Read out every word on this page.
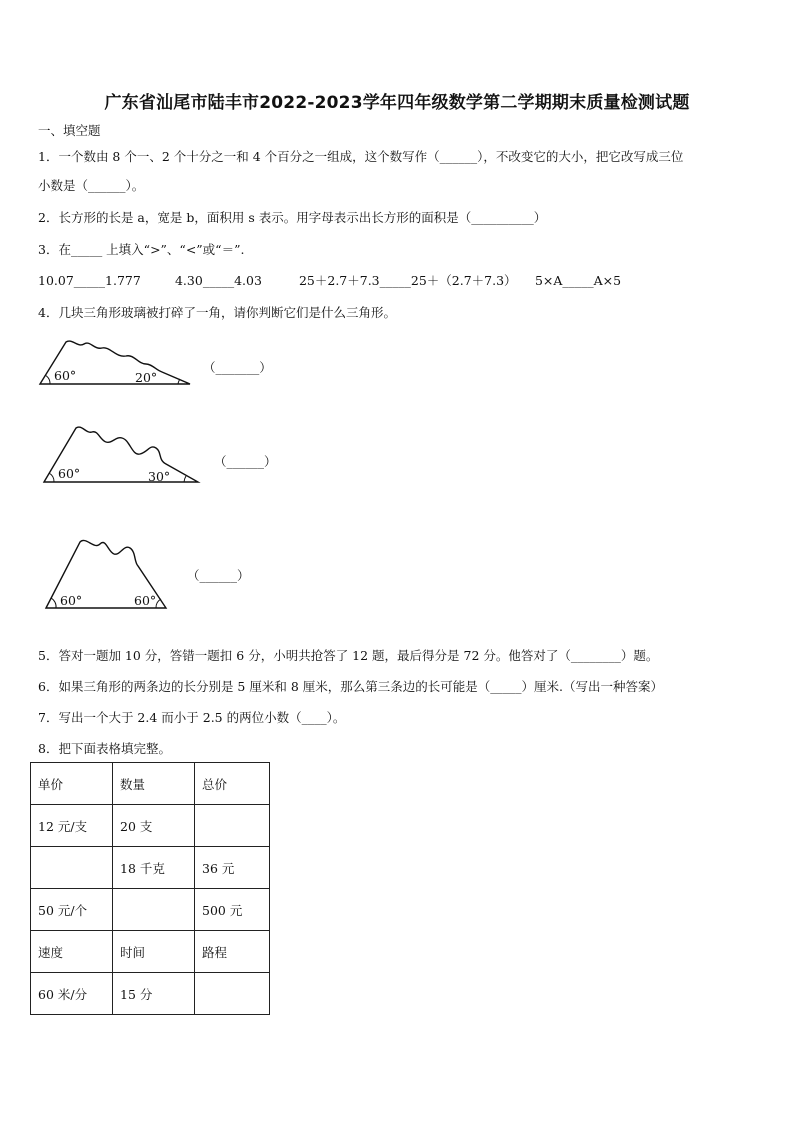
广东省汕尾市陆丰市2022-2023学年四年级数学第二学期期末质量检测试题
一、填空题
1．一个数由 8 个一、2 个十分之一和 4 个百分之一组成，这个数写作（______），不改变它的大小，把它改写成三位
小数是（______）。
2．长方形的长是 a，宽是 b，面积用 s 表示。用字母表示出长方形的面积是（__________）
3．在_____ 上填入“>”、“<”或“＝”.
10.07_____1.777	4.30_____4.03	25＋2.7＋7.3_____25＋（2.7＋7.3） 5×A_____A×5
4．几块三角形玻璃被打碎了一角，请你判断它们是什么三角形。
60°	20°
（_______）
60°	30°
（______）
60°	60°
（______）
5．答对一题加 10 分，答错一题扣 6 分，小明共抢答了 12 题，最后得分是 72 分。他答对了（________）题。
6．如果三角形的两条边的长分别是 5 厘米和 8 厘米，那么第三条边的长可能是（_____）厘米.（写出一种答案）
7．写出一个大于 2.4 而小于 2.5 的两位小数（____）。
8．把下面表格填完整。
单价	数量	总价
12 元/支	20 支	
	18 千克	36 元
50 元/个		500 元
速度	时间	路程
60 米/分	15 分	
